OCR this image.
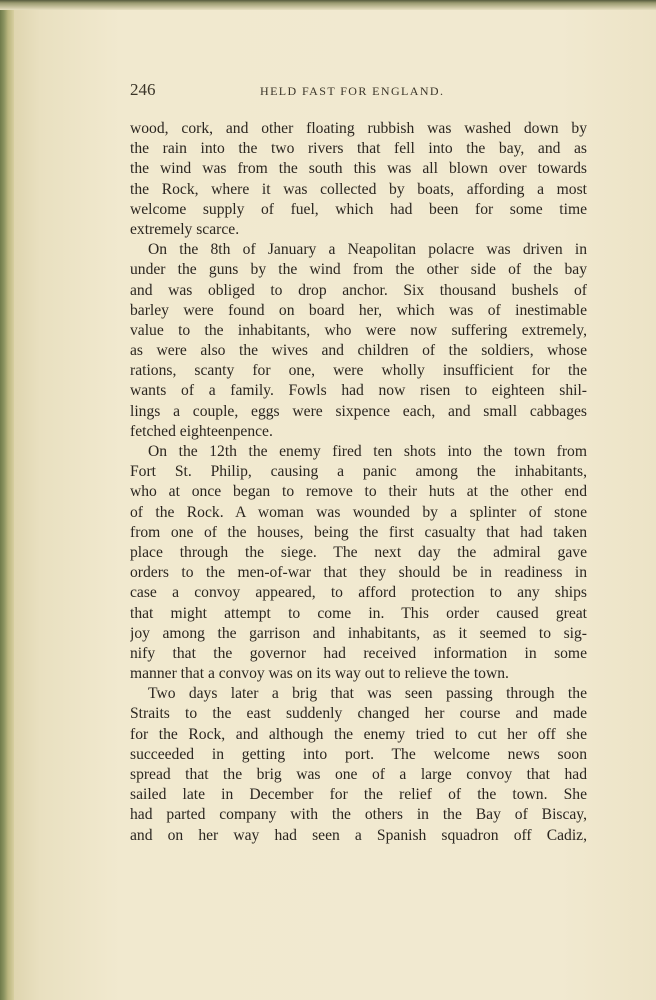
246	HELD FAST FOR ENGLAND.
wood, cork, and other floating rubbish was washed down by
the rain into the two rivers that fell into the bay, and as
the wind was from the south this was all blown over towards
the Rock, where it was collected by boats, affording a most
welcome supply of fuel, which had been for some time
extremely scarce.
On the 8th of January a Neapolitan polacre was driven in
under the guns by the wind from the other side of the bay
and was obliged to drop anchor. Six thousand bushels of
barley were found on board her, which was of inestimable
value to the inhabitants, who were now suffering extremely,
as were also the wives and children of the soldiers, whose
rations, scanty for one, were wholly insufficient for the
wants of a family. Fowls had now risen to eighteen shil-
lings a couple, eggs were sixpence each, and small cabbages
fetched eighteenpence.
On the 12th the enemy fired ten shots into the town from
Fort St. Philip, causing a panic among the inhabitants,
who at once began to remove to their huts at the other end
of the Rock. A woman was wounded by a splinter of stone
from one of the houses, being the first casualty that had taken
place through the siege. The next day the admiral gave
orders to the men-of-war that they should be in readiness in
case a convoy appeared, to afford protection to any ships
that might attempt to come in. This order caused great
joy among the garrison and inhabitants, as it seemed to sig-
nify that the governor had received information in some
manner that a convoy was on its way out to relieve the town.
Two days later a brig that was seen passing through the
Straits to the east suddenly changed her course and made
for the Rock, and although the enemy tried to cut her off she
succeeded in getting into port. The welcome news soon
spread that the brig was one of a large convoy that had
sailed late in December for the relief of the town. She
had parted company with the others in the Bay of Biscay,
and on her way had seen a Spanish squadron off Cadiz,
